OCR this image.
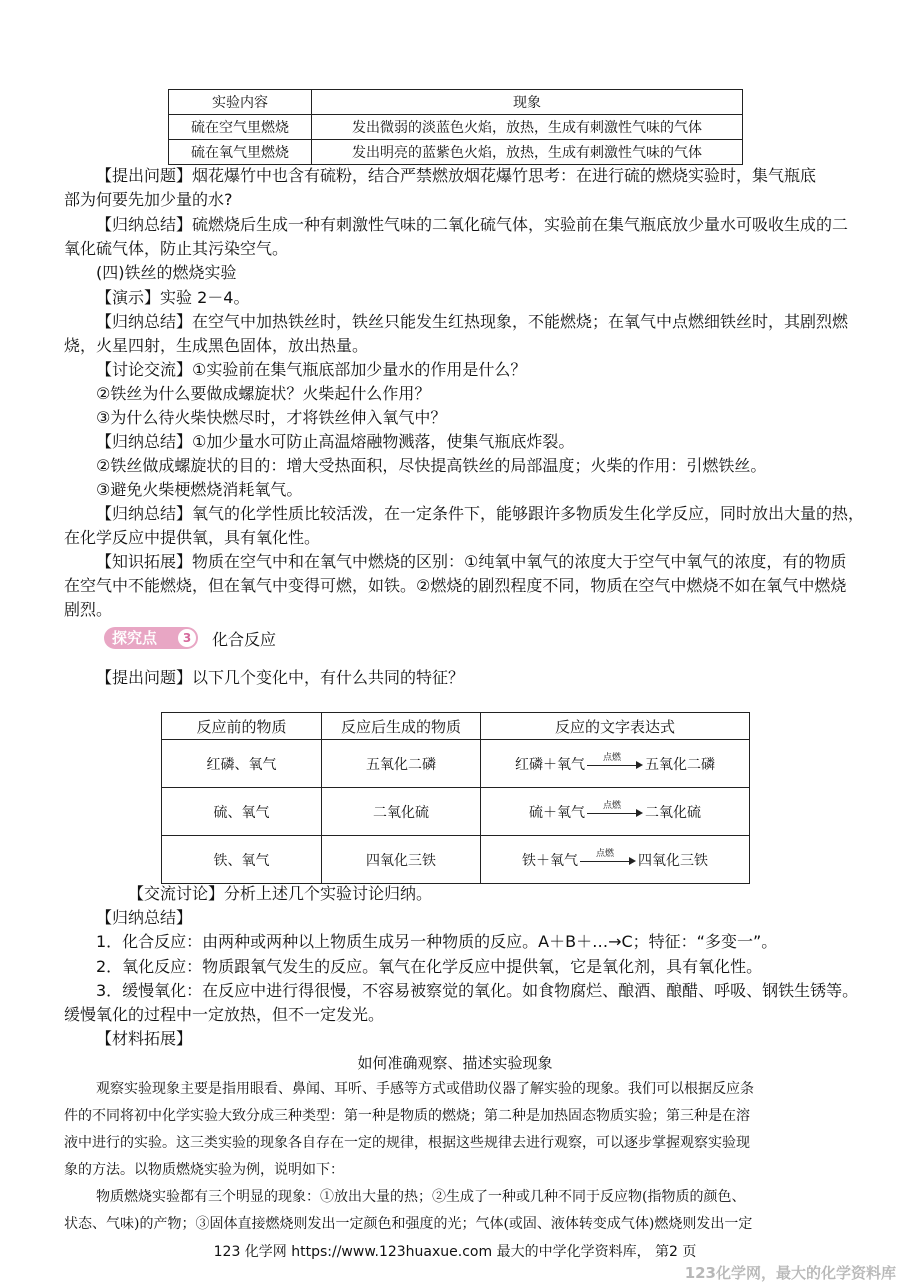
实验内容	现象
硫在空气里燃烧	发出微弱的淡蓝色火焰，放热，生成有刺激性气味的气体
硫在氧气里燃烧	发出明亮的蓝紫色火焰，放热，生成有刺激性气味的气体
【提出问题】烟花爆竹中也含有硫粉，结合严禁燃放烟花爆竹思考：在进行硫的燃烧实验时，集气瓶底
部为何要先加少量的水?
【归纳总结】硫燃烧后生成一种有刺激性气味的二氧化硫气体，实验前在集气瓶底放少量水可吸收生成的二
氧化硫气体，防止其污染空气。
(四)铁丝的燃烧实验
【演示】实验 2－4。
【归纳总结】在空气中加热铁丝时，铁丝只能发生红热现象，不能燃烧；在氧气中点燃细铁丝时，其剧烈燃
烧，火星四射，生成黑色固体，放出热量。
【讨论交流】①实验前在集气瓶底部加少量水的作用是什么？
②铁丝为什么要做成螺旋状？火柴起什么作用？
③为什么待火柴快燃尽时，才将铁丝伸入氧气中？
【归纳总结】①加少量水可防止高温熔融物溅落，使集气瓶底炸裂。
②铁丝做成螺旋状的目的：增大受热面积，尽快提高铁丝的局部温度；火柴的作用：引燃铁丝。
③避免火柴梗燃烧消耗氧气。
【归纳总结】氧气的化学性质比较活泼，在一定条件下，能够跟许多物质发生化学反应，同时放出大量的热，
在化学反应中提供氧，具有氧化性。
【知识拓展】物质在空气中和在氧气中燃烧的区别：①纯氧中氧气的浓度大于空气中氧气的浓度，有的物质
在空气中不能燃烧，但在氧气中变得可燃，如铁。②燃烧的剧烈程度不同，物质在空气中燃烧不如在氧气中燃烧
剧烈。
探究点	3	化合反应
【提出问题】以下几个变化中，有什么共同的特征？
反应前的物质	反应后生成的物质	反应的文字表达式
红磷、氧气	五氧化二磷	红磷＋氧气 点燃 五氧化二磷
硫、氧气	二氧化硫	硫＋氧气 点燃 二氧化硫
铁、氧气	四氧化三铁	铁＋氧气 点燃 四氧化三铁
【交流讨论】分析上述几个实验讨论归纳。
【归纳总结】
1．化合反应：由两种或两种以上物质生成另一种物质的反应。A＋B＋…→C；特征：“多变一”。
2．氧化反应：物质跟氧气发生的反应。氧气在化学反应中提供氧，它是氧化剂，具有氧化性。
3．缓慢氧化：在反应中进行得很慢，不容易被察觉的氧化。如食物腐烂、酿酒、酿醋、呼吸、钢铁生锈等。
缓慢氧化的过程中一定放热，但不一定发光。
【材料拓展】
如何准确观察、描述实验现象
观察实验现象主要是指用眼看、鼻闻、耳听、手感等方式或借助仪器了解实验的现象。我们可以根据反应条
件的不同将初中化学实验大致分成三种类型：第一种是物质的燃烧；第二种是加热固态物质实验；第三种是在溶
液中进行的实验。这三类实验的现象各自存在一定的规律，根据这些规律去进行观察，可以逐步掌握观察实验现
象的方法。以物质燃烧实验为例，说明如下：
物质燃烧实验都有三个明显的现象：①放出大量的热；②生成了一种或几种不同于反应物(指物质的颜色、
状态、气味)的产物；③固体直接燃烧则发出一定颜色和强度的光；气体(或固、液体转变成气体)燃烧则发出一定
123 化学网 https://www.123huaxue.com 最大的中学化学资料库， 第2 页
123化学网，最大的化学资料库
